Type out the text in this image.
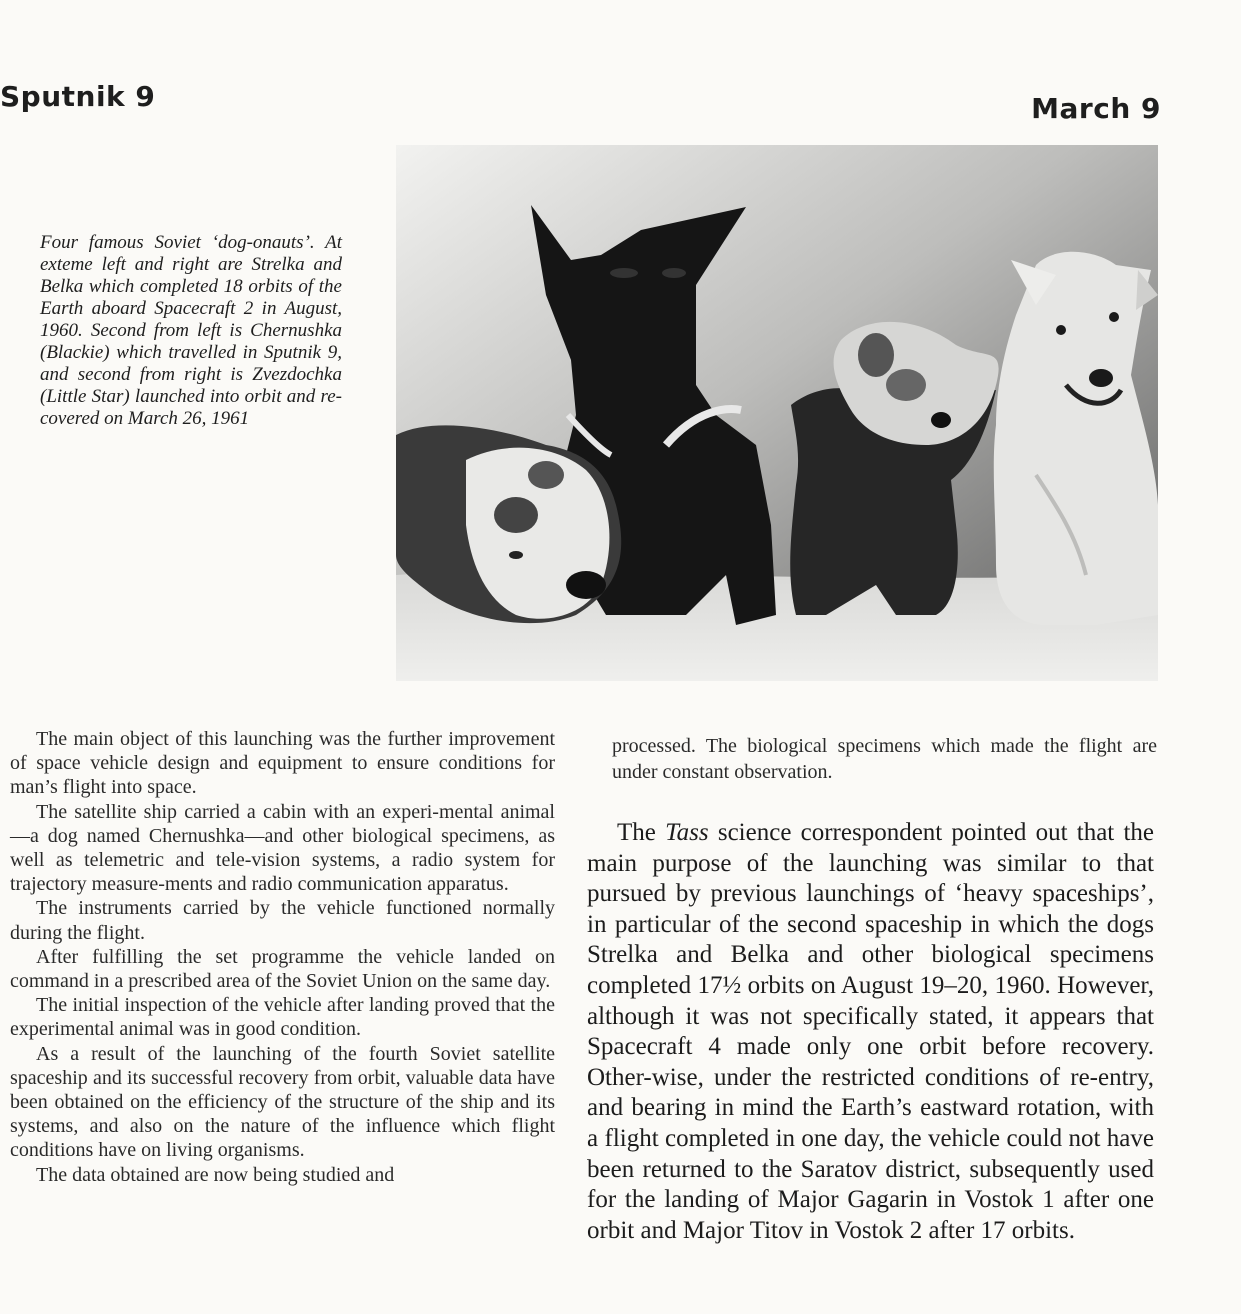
Sputnik 9	March 9
Four famous Soviet ‘dog-onauts’. At exteme left and right are Strelka and Belka which completed 18 orbits of the Earth aboard Spacecraft 2 in August, 1960. Second from left is Chernushka (Blackie) which travelled in Sputnik 9, and second from right is Zvezdochka (Little Star) launched into orbit and re-covered on March 26, 1961

The main object of this launching was the further improvement of space vehicle design and equipment to ensure conditions for man’s flight into space.

The satellite ship carried a cabin with an experi-mental animal—a dog named Chernushka—and other biological specimens, as well as telemetric and tele-vision systems, a radio system for trajectory measure-ments and radio communication apparatus.

The instruments carried by the vehicle functioned normally during the flight.

After fulfilling the set programme the vehicle landed on command in a prescribed area of the Soviet Union on the same day.

The initial inspection of the vehicle after landing proved that the experimental animal was in good condition.

As a result of the launching of the fourth Soviet satellite spaceship and its successful recovery from orbit, valuable data have been obtained on the efficiency of the structure of the ship and its systems, and also on the nature of the influence which flight conditions have on living organisms.

The data obtained are now being studied and

processed. The biological specimens which made the flight are under constant observation.

The Tass science correspondent pointed out that the main purpose of the launching was similar to that pursued by previous launchings of ‘heavy spaceships’, in particular of the second spaceship in which the dogs Strelka and Belka and other biological specimens completed 17½ orbits on August 19–20, 1960. However, although it was not specifically stated, it appears that Spacecraft 4 made only one orbit before recovery. Other-wise, under the restricted conditions of re-entry, and bearing in mind the Earth’s eastward rotation, with a flight completed in one day, the vehicle could not have been returned to the Saratov district, subsequently used for the landing of Major Gagarin in Vostok 1 after one orbit and Major Titov in Vostok 2 after 17 orbits.
